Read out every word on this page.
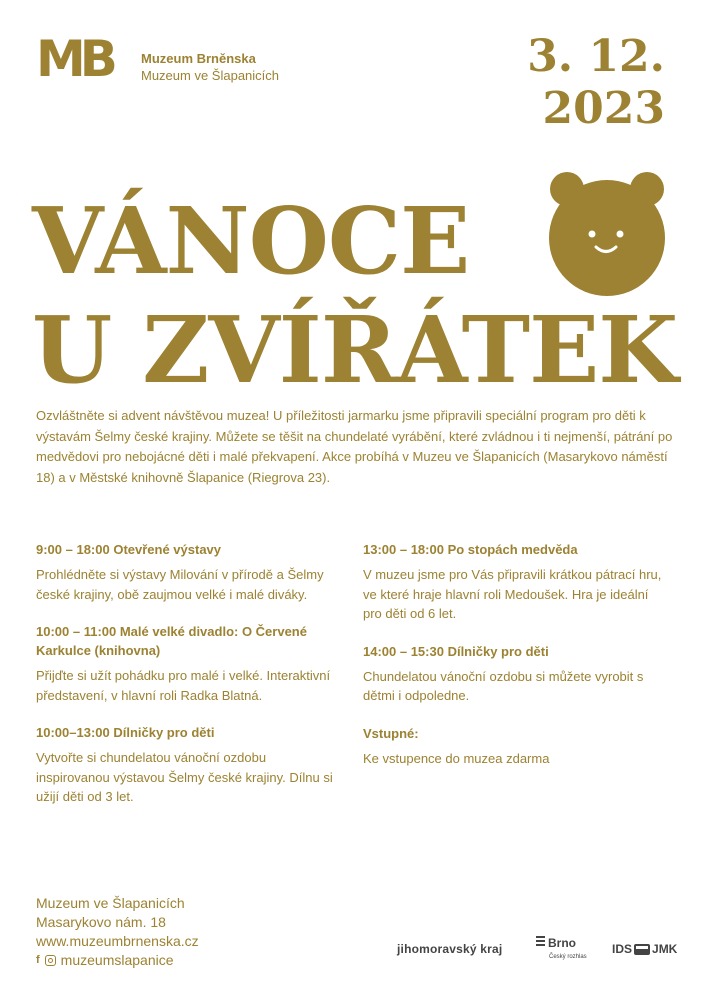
MB Muzeum Brněnska
Muzeum ve Šlapanicích	3. 12.
2023
VÁNOCE
U ZVÍŘÁTEK
Ozvláštněte si advent návštěvou muzea! U příležitosti jarmarku jsme připravili speciální program pro děti k výstavám Šelmy české krajiny. Můžete se těšit na chundelaté vyrábění, které zvládnou i ti nejmenší, pátrání po medvědovi pro nebojácné děti i malé překvapení. Akce probíhá v Muzeu ve Šlapanicích (Masarykovo náměstí 18) a v Městské knihovně Šlapanice (Riegrova 23).

9:00 – 18:00 Otevřené výstavy

Prohlédněte si výstavy Milování v přírodě a Šelmy české krajiny, obě zaujmou velké i malé diváky.

10:00 – 11:00 Malé velké divadlo: O Červené Karkulce (knihovna)

Přijďte si užít pohádku pro malé i velké. Interaktivní představení, v hlavní roli Radka Blatná.

10:00–13:00 Dílničky pro děti

Vytvořte si chundelatou vánoční ozdobu inspirovanou výstavou Šelmy české krajiny. Dílnu si užijí děti od 3 let.

13:00 – 18:00 Po stopách medvěda

V muzeu jsme pro Vás připravili krátkou pátrací hru, ve které hraje hlavní roli Medoušek. Hra je ideální pro děti od 6 let.

14:00 – 15:30 Dílničky pro děti

Chundelatou vánoční ozdobu si můžete vyrobit s dětmi i odpoledne.

Vstupné:

Ke vstupence do muzea zdarma

Muzeum ve Šlapanicích
Masarykovo nám. 18
www.muzeumbrnenska.cz
f muzeumslapanice
jihomoravský kraj	Brno
Český rozhlas
IDS JMK
